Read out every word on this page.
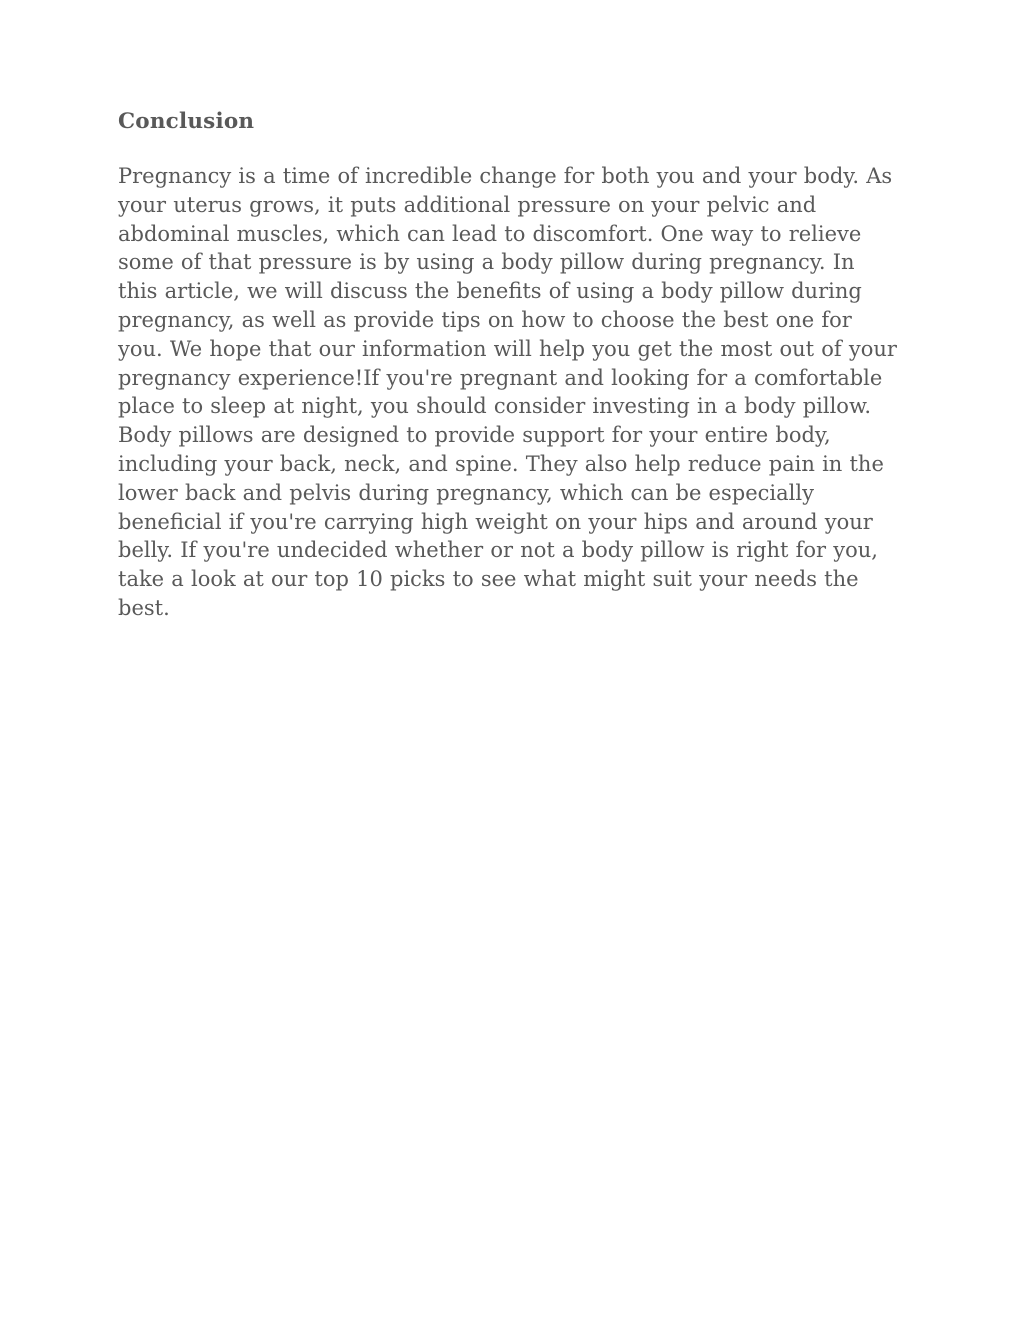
Conclusion

Pregnancy is a time of incredible change for both you and your body. As your uterus grows, it puts additional pressure on your pelvic and abdominal muscles, which can lead to discomfort. One way to relieve some of that pressure is by using a body pillow during pregnancy. In this article, we will discuss the benefits of using a body pillow during pregnancy, as well as provide tips on how to choose the best one for you. We hope that our information will help you get the most out of your pregnancy experience!If you're pregnant and looking for a comfortable place to sleep at night, you should consider investing in a body pillow. Body pillows are designed to provide support for your entire body, including your back, neck, and spine. They also help reduce pain in the lower back and pelvis during pregnancy, which can be especially beneficial if you're carrying high weight on your hips and around your belly. If you're undecided whether or not a body pillow is right for you, take a look at our top 10 picks to see what might suit your needs the best.
